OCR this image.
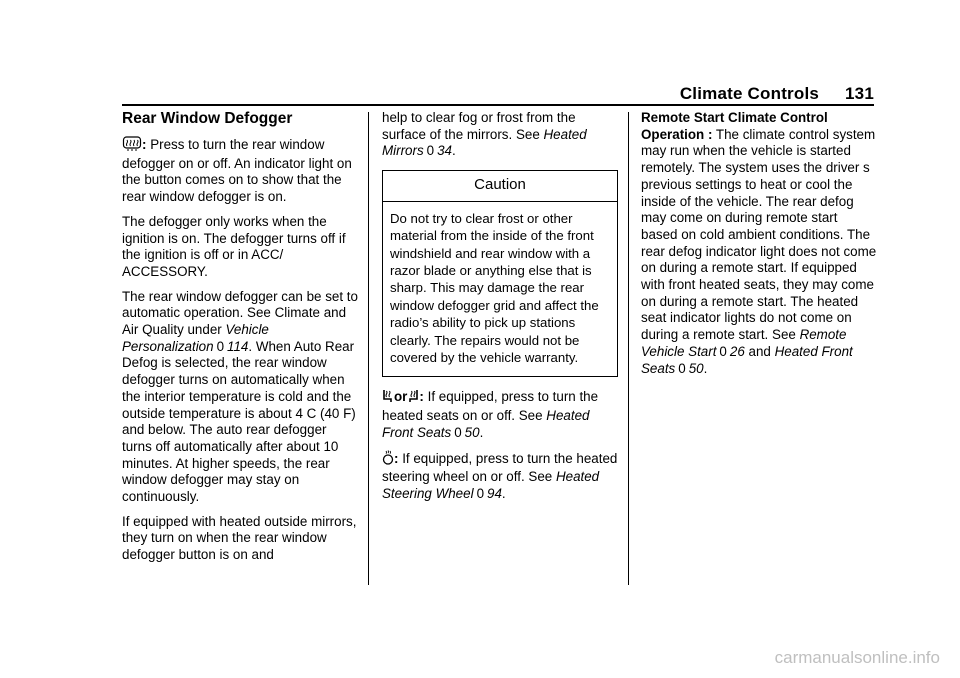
Climate Controls 131
Rear Window Defogger

: Press to turn the rear window defogger on or off. An indicator light on the button comes on to show that the rear window defogger is on.

The defogger only works when the ignition is on. The defogger turns off if the ignition is off or in ACC/ ACCESSORY.

The rear window defogger can be set to automatic operation. See Climate and Air Quality under Vehicle Personalization 0 114. When Auto Rear Defog is selected, the rear window defogger turns on automatically when the interior temperature is cold and the outside temperature is about 4 C (40 F) and below. The auto rear defogger turns off automatically after about 10 minutes. At higher speeds, the rear window defogger may stay on continuously.

If equipped with heated outside mirrors, they turn on when the rear window defogger button is on and

help to clear fog or frost from the surface of the mirrors. See Heated Mirrors 0 34.

Caution
Do not try to clear frost or other material from the inside of the front windshield and rear window with a razor blade or anything else that is sharp. This may damage the rear window defogger grid and affect the radio’s ability to pick up stations clearly. The repairs would not be covered by the vehicle warranty.

or : If equipped, press to turn the heated seats on or off. See Heated Front Seats 0 50.

: If equipped, press to turn the heated steering wheel on or off. See Heated Steering Wheel 0 94.

Remote Start Climate Control Operation : The climate control system may run when the vehicle is started remotely. The system uses the driver s previous settings to heat or cool the inside of the vehicle. The rear defog may come on during remote start based on cold ambient conditions. The rear defog indicator light does not come on during a remote start. If equipped with front heated seats, they may come on during a remote start. The heated seat indicator lights do not come on during a remote start. See Remote Vehicle Start 0 26 and Heated Front Seats 0 50.

carmanualsonline.info
